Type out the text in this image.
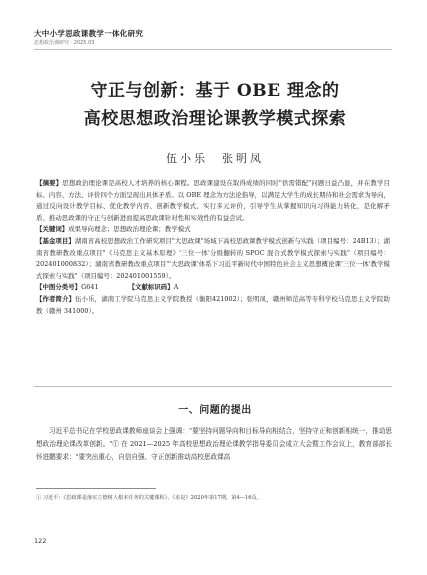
大中小学思政课教学一体化研究
思想政治课研究 · 2025.03
守正与创新：基于 OBE 理念的
高校思想政治理论课教学模式探索
伍小乐　张明凤

【摘要】思想政治理论课是高校人才培养的核心课程。思政课建设在取得成绩的同时"供需错配"问题日益凸显，并在教学目标、内容、方法、评价四个方面呈现出具体矛盾。以 OBE 理念为方法论指导，以满足大学生的成长期待和社会需求为导向，通过反向设计教学目标、优化教学内容、创新教学模式、实行多元评价，引导学生从掌握知识向习得能力转化，是化解矛盾、推动思政课的守正与创新进而提高思政课针对性和实效性的有益尝试。

【关键词】成果导向理念；思想政治理论课；教学模式

【基金项目】湖南省高校思想政治工作研究项目"大思政课"场域下高校思政课教学模式创新与实践（项目编号：24B13）；湖南省教研教改重点项目"《马克思主义基本原理》'三位一体'分级翻转的 SPOC 混合式教学模式探索与实践"（项目编号：202401000832）；湖南省教研教改重点项目"'大思政课'体系下习近平新时代中国特色社会主义思想概论课'三位一体'教学模式探索与实践"（项目编号：202401001559）。

【中图分类号】 G641	【文献标识码】 A

【作者简介】伍小乐，湖南工学院马克思主义学院教授（衡阳421002）；张明凤，赣州师范高等专科学校马克思主义学院助教（赣州 341000）。

一、问题的提出

习近平总书记在学校思政课教师座谈会上强调："要坚持问题导向和目标导向相结合，坚持守正和创新相统一，推动思想政治理论课改革创新。"① 在 2021—2025 年高校思想政治理论课教学指导委员会成立大会暨工作会议上，教育部部长怀进鹏要求："要突出重心，自信自强、守正创新推动高校思政课高

① 习近平：《思政课是落实立德树人根本任务的关键课程》，《求是》2020年第17期，第4—16页。
122
